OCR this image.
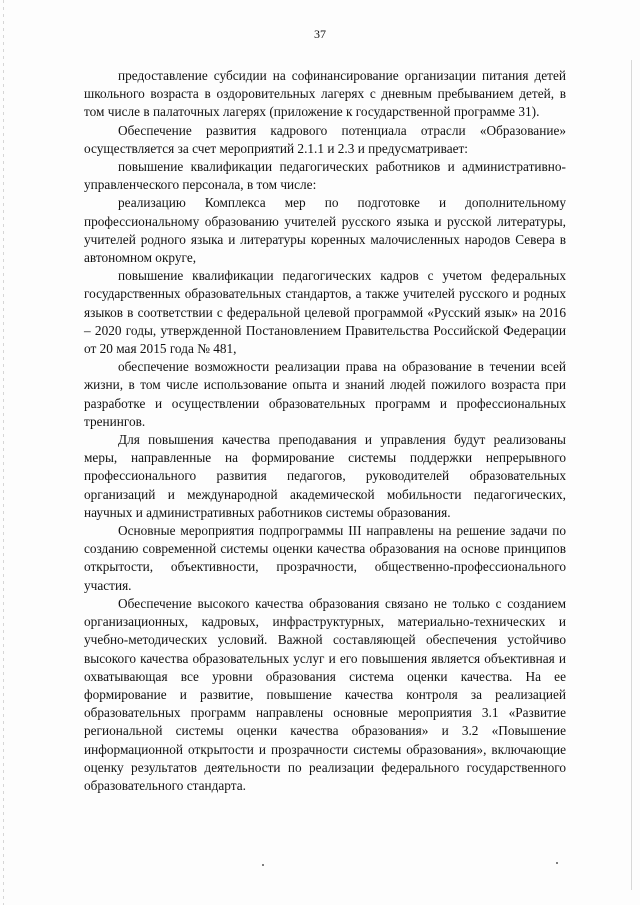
37

предоставление субсидии на софинансирование организации питания детей школьного возраста в оздоровительных лагерях с дневным пребыванием детей, в том числе в палаточных лагерях (приложение к государственной программе 31).

Обеспечение развития кадрового потенциала отрасли «Образование» осуществляется за счет мероприятий 2.1.1 и 2.3 и предусматривает:

повышение квалификации педагогических работников и административно-управленческого персонала, в том числе:

реализацию Комплекса мер по подготовке и дополнительному профессиональному образованию учителей русского языка и русской литературы, учителей родного языка и литературы коренных малочисленных народов Севера в автономном округе,

повышение квалификации педагогических кадров с учетом федеральных государственных образовательных стандартов, а также учителей русского и родных языков в соответствии с федеральной целевой программой «Русский язык» на 2016 – 2020 годы, утвержденной Постановлением Правительства Российской Федерации от 20 мая 2015 года № 481,

обеспечение возможности реализации права на образование в течении всей жизни, в том числе использование опыта и знаний людей пожилого возраста при разработке и осуществлении образовательных программ и профессиональных тренингов.

Для повышения качества преподавания и управления будут реализованы меры, направленные на формирование системы поддержки непрерывного профессионального развития педагогов, руководителей образовательных организаций и международной академической мобильности педагогических, научных и административных работников системы образования.

Основные мероприятия подпрограммы III направлены на решение задачи по созданию современной системы оценки качества образования на основе принципов открытости, объективности, прозрачности, общественно-профессионального участия.

Обеспечение высокого качества образования связано не только с созданием организационных, кадровых, инфраструктурных, материально-технических и учебно-методических условий. Важной составляющей обеспечения устойчиво высокого качества образовательных услуг и его повышения является объективная и охватывающая все уровни образования система оценки качества. На ее формирование и развитие, повышение качества контроля за реализацией образовательных программ направлены основные мероприятия 3.1 «Развитие региональной системы оценки качества образования» и 3.2 «Повышение информационной открытости и прозрачности системы образования», включающие оценку результатов деятельности по реализации федерального государственного образовательного стандарта.
